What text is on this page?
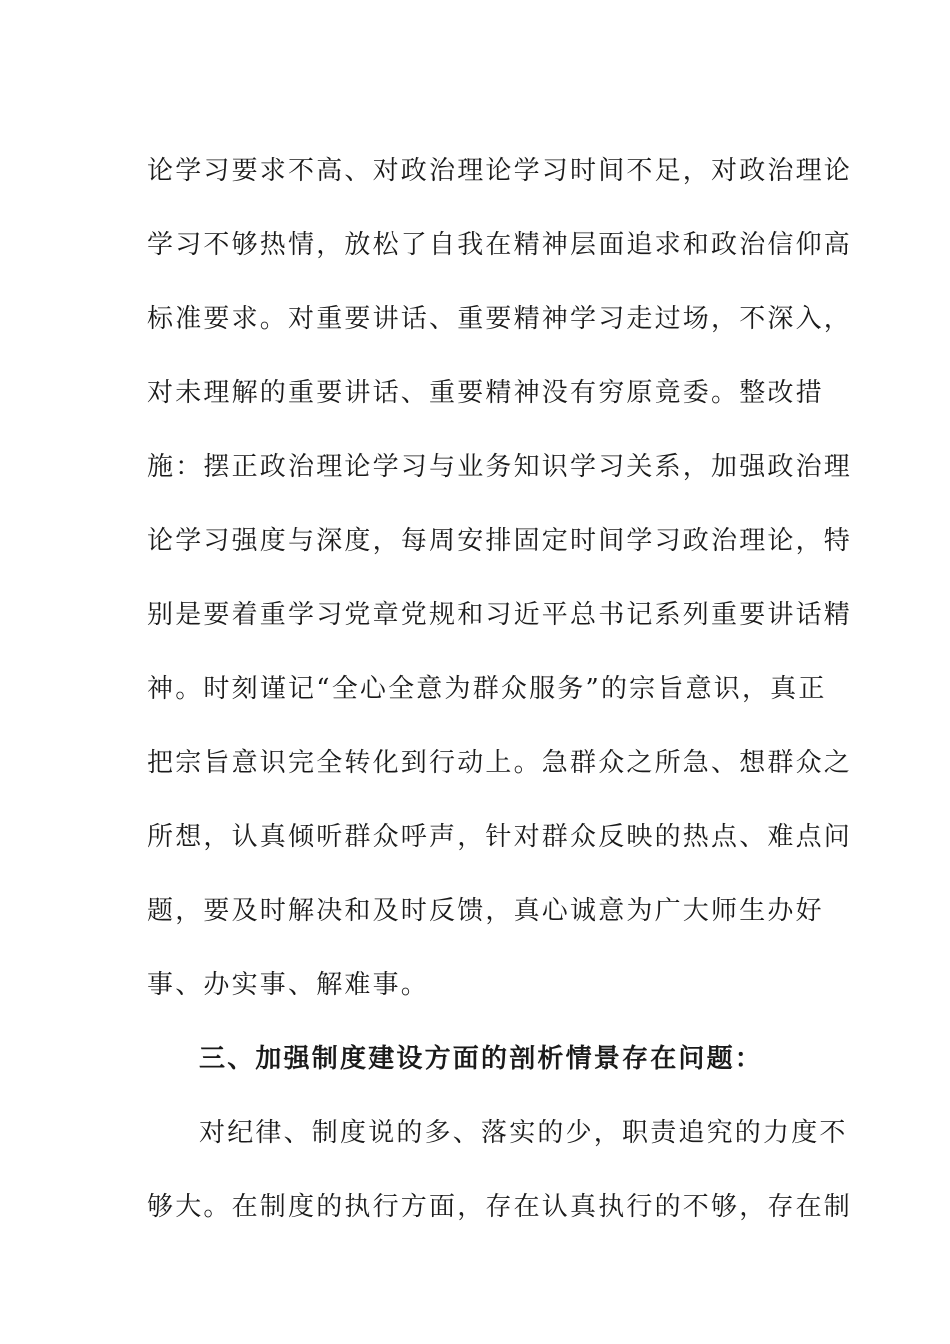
论学习要求不高、对政治理论学习时间不足，对政治理论
学习不够热情，放松了自我在精神层面追求和政治信仰高
标准要求。对重要讲话、重要精神学习走过场，不深入，
对未理解的重要讲话、重要精神没有穷原竟委。整改措
施：摆正政治理论学习与业务知识学习关系，加强政治理
论学习强度与深度，每周安排固定时间学习政治理论，特
别是要着重学习党章党规和习近平总书记系列重要讲话精
神。时刻谨记“全心全意为群众服务”的宗旨意识，真正
把宗旨意识完全转化到行动上。急群众之所急、想群众之
所想，认真倾听群众呼声，针对群众反映的热点、难点问
题，要及时解决和及时反馈，真心诚意为广大师生办好
事、办实事、解难事。
三、加强制度建设方面的剖析情景存在问题：
对纪律、制度说的多、落实的少，职责追究的力度不
够大。在制度的执行方面，存在认真执行的不够，存在制
